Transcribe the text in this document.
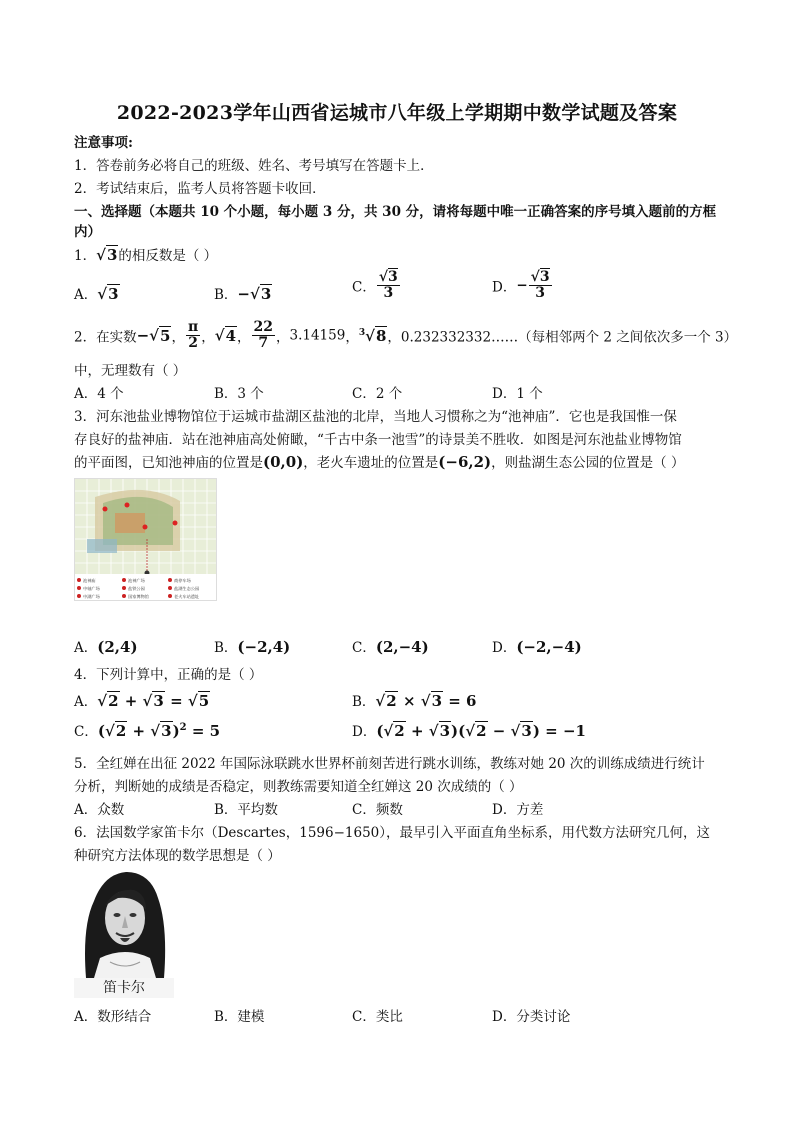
2022-2023学年山西省运城市八年级上学期期中数学试题及答案
注意事项:
1．答卷前务必将自己的班级、姓名、考号填写在答题卡上．
2．考试结束后，监考人员将答题卡收回．
一、选择题（本题共 10 个小题，每小题 3 分，共 30 分，请将每题中唯一正确答案的序号填入题前的方框
内）
1．√3的相反数是（ ）
A．√3	B．−√3	C． $\frac{√3}{3}$	D．− $\frac{√3}{3}$
2．在实数−√5， $\frac{\pi}{2}$ ，√4， $\frac{22}{7}$ ，3.14159，$^3$√8，0.232332332……（每相邻两个 2 之间依次多一个 3）
中，无理数有（ ）
A．4 个	B．3 个	C．2 个	D．1 个
3．河东池盐业博物馆位于运城市盐湖区盐池的北岸，当地人习惯称之为“池神庙”．它也是我国惟一保
存良好的盐神庙．站在池神庙高处俯瞰，“千古中条一池雪”的诗景美不胜收．如图是河东池盐业博物馆
的平面图，已知池神庙的位置是(0,0)，老火车遗址的位置是(−6,2)，则盐湖生态公园的位置是（ ）
池神庙	池神广场	商停车场
中轴广场	盐铁公园	盐湖生态公园
中湖广场	国家博物馆	老火车站遗址
A．(2,4)	B．(−2,4)	C．(2,−4)	D．(−2,−4)
4．下列计算中，正确的是（ ）
A．√2 + √3 = √5	B．√2 × √3 = 6
C．$(√2 + √3)^2 = 5$	D．(√2 + √3)(√2 − √3) = −1
5．全红婵在出征 2022 年国际泳联跳水世界杯前刻苦进行跳水训练，教练对她 20 次的训练成绩进行统计
分析，判断她的成绩是否稳定，则教练需要知道全红婵这 20 次成绩的（ ）
A．众数	B．平均数	C．频数	D．方差
6．法国数学家笛卡尔（Descartes，1596−1650），最早引入平面直角坐标系，用代数方法研究几何，这
种研究方法体现的数学思想是（ ）
笛卡尔
A．数形结合	B．建模	C．类比	D．分类讨论
